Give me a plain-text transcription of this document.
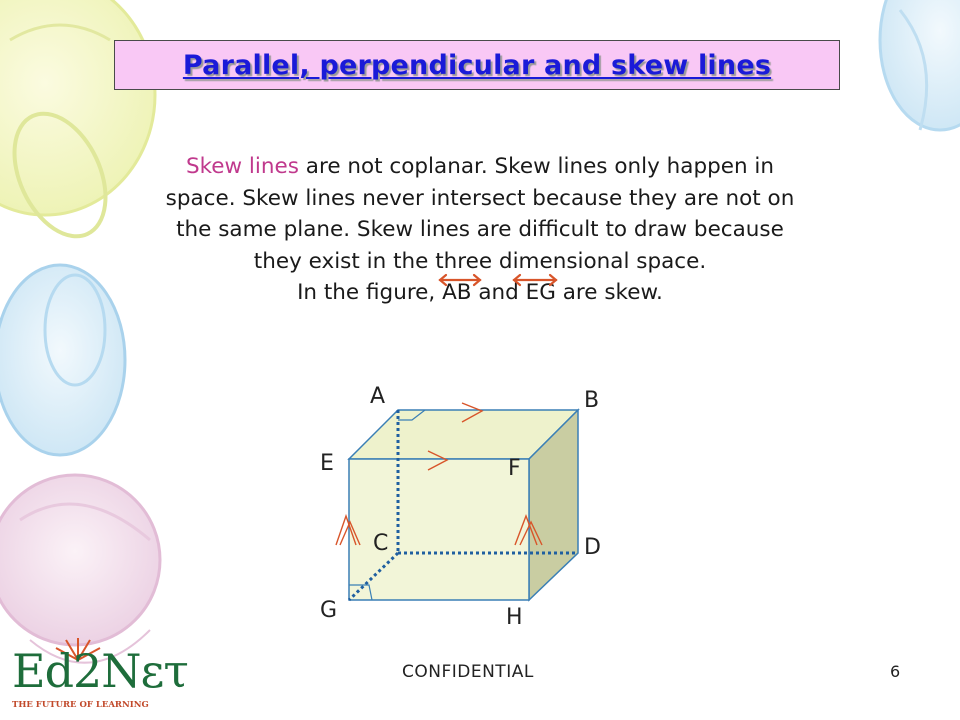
Parallel, perpendicular and skew lines
Skew lines are not coplanar. Skew lines only happen in
space. Skew lines never intersect because they are not on
the same plane. Skew lines are difficult to draw because
they exist in the three dimensional space.
In the figure, AB and EG are skew.
A	B
E	F
C	D
G	H
CONFIDENTIAL	6
Ed2Nετ
THE FUTURE OF LEARNING
